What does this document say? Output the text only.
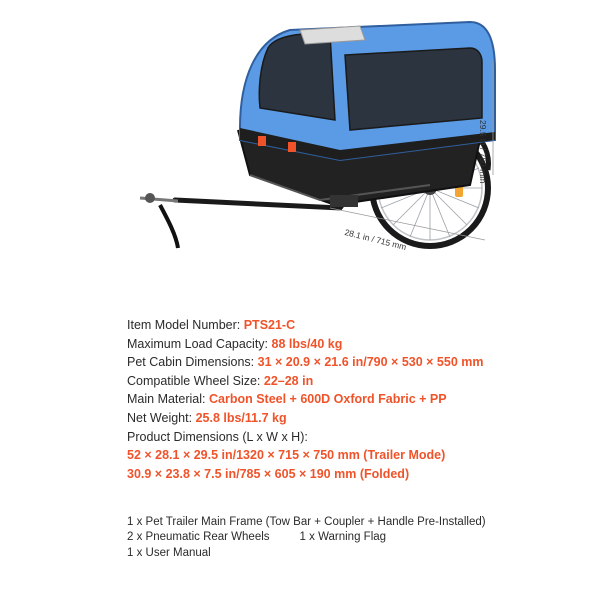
28.1 in / 715 mm
29.5 in / 750 mm
Item Model Number: PTS21-C
Maximum Load Capacity: 88 lbs/40 kg
Pet Cabin Dimensions: 31 × 20.9 × 21.6 in/790 × 530 × 550 mm
Compatible Wheel Size: 22–28 in
Main Material: Carbon Steel + 600D Oxford Fabric + PP
Net Weight: 25.8 lbs/11.7 kg
Product Dimensions (L x W x H):
52 × 28.1 × 29.5 in/1320 × 715 × 750 mm (Trailer Mode)
30.9 × 23.8 × 7.5 in/785 × 605 × 190 mm (Folded)
1 x Pet Trailer Main Frame (Tow Bar + Coupler + Handle Pre-Installed)
2 x Pneumatic Rear Wheels	1 x Warning Flag
1 x User Manual
